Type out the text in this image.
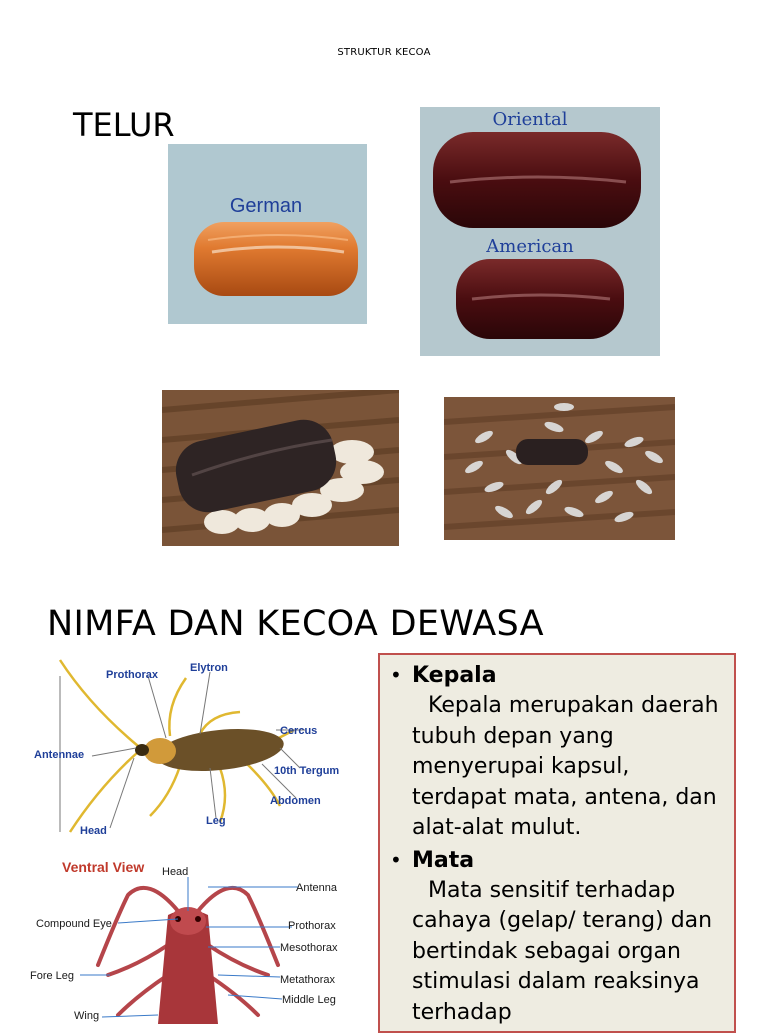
STRUKTUR KECOA
TELUR
German
Oriental
American
NIMFA DAN KECOA DEWASA
Prothorax
Elytron
Antennae
Cercus
10th Tergum
Abdomen
Head
Leg
Ventral View Head
Antenna
Compound Eye	Prothorax
Mesothorax
Fore Leg	Metathorax
Middle Leg
Wing
• Kepala
Kepala merupakan daerah tubuh depan yang menyerupai kapsul, terdapat mata, antena, dan alat-alat mulut.
• Mata
Mata sensitif terhadap cahaya (gelap/ terang) dan bertindak sebagai organ stimulasi dalam reaksinya terhadap
